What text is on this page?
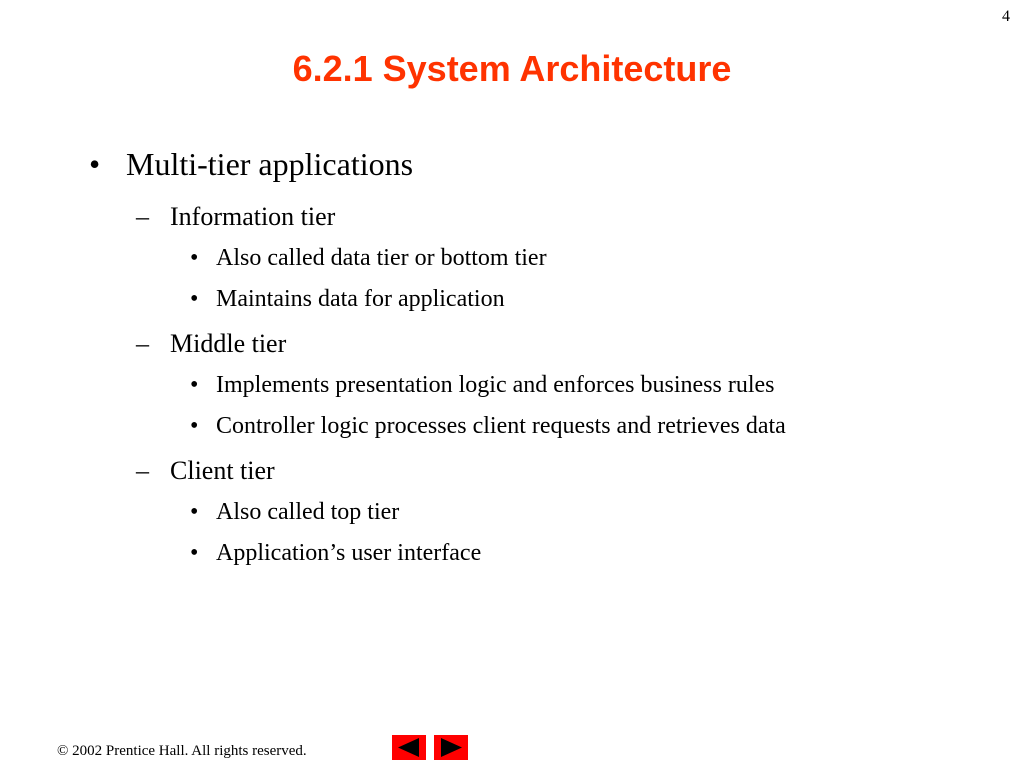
4
6.2.1 System Architecture
• Multi-tier applications
– Information tier
• Also called data tier or bottom tier
• Maintains data for application
– Middle tier
• Implements presentation logic and enforces business rules
• Controller logic processes client requests and retrieves data
– Client tier
• Also called top tier
• Application’s user interface
© 2002 Prentice Hall. All rights reserved.
